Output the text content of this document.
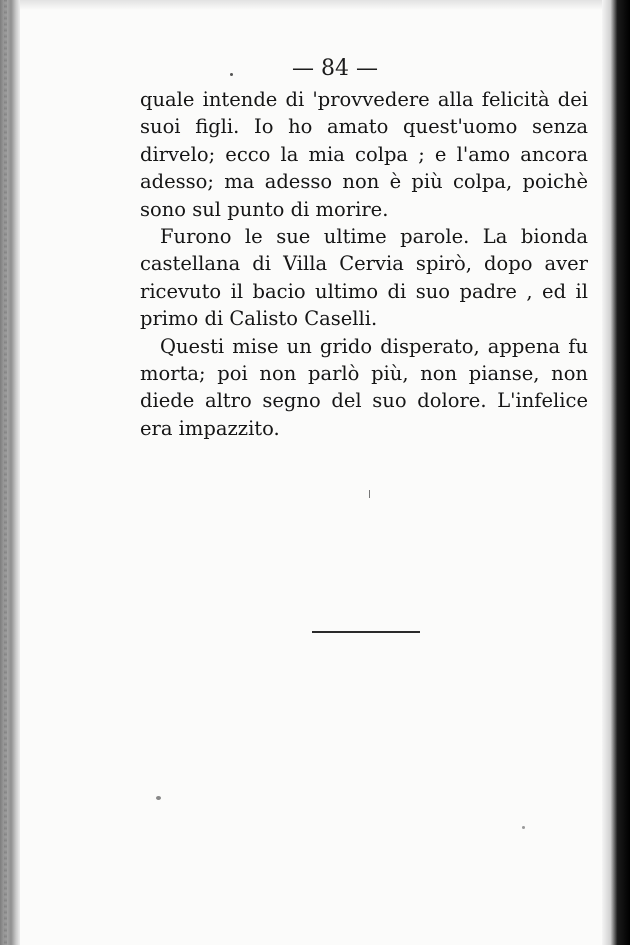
— 84 —

quale intende di 'provvedere alla felicità dei suoi figli. Io ho amato quest'uomo senza dirvelo; ecco la mia colpa ; e l'amo ancora adesso; ma adesso non è più colpa, poichè sono sul punto di morire.

Furono le sue ultime parole. La bionda castellana di Villa Cervia spirò, dopo aver ricevuto il bacio ultimo di suo padre , ed il primo di Calisto Caselli.

Questi mise un grido disperato, appena fu morta; poi non parlò più, non pianse, non diede altro segno del suo dolore. L'infelice era impazzito.
